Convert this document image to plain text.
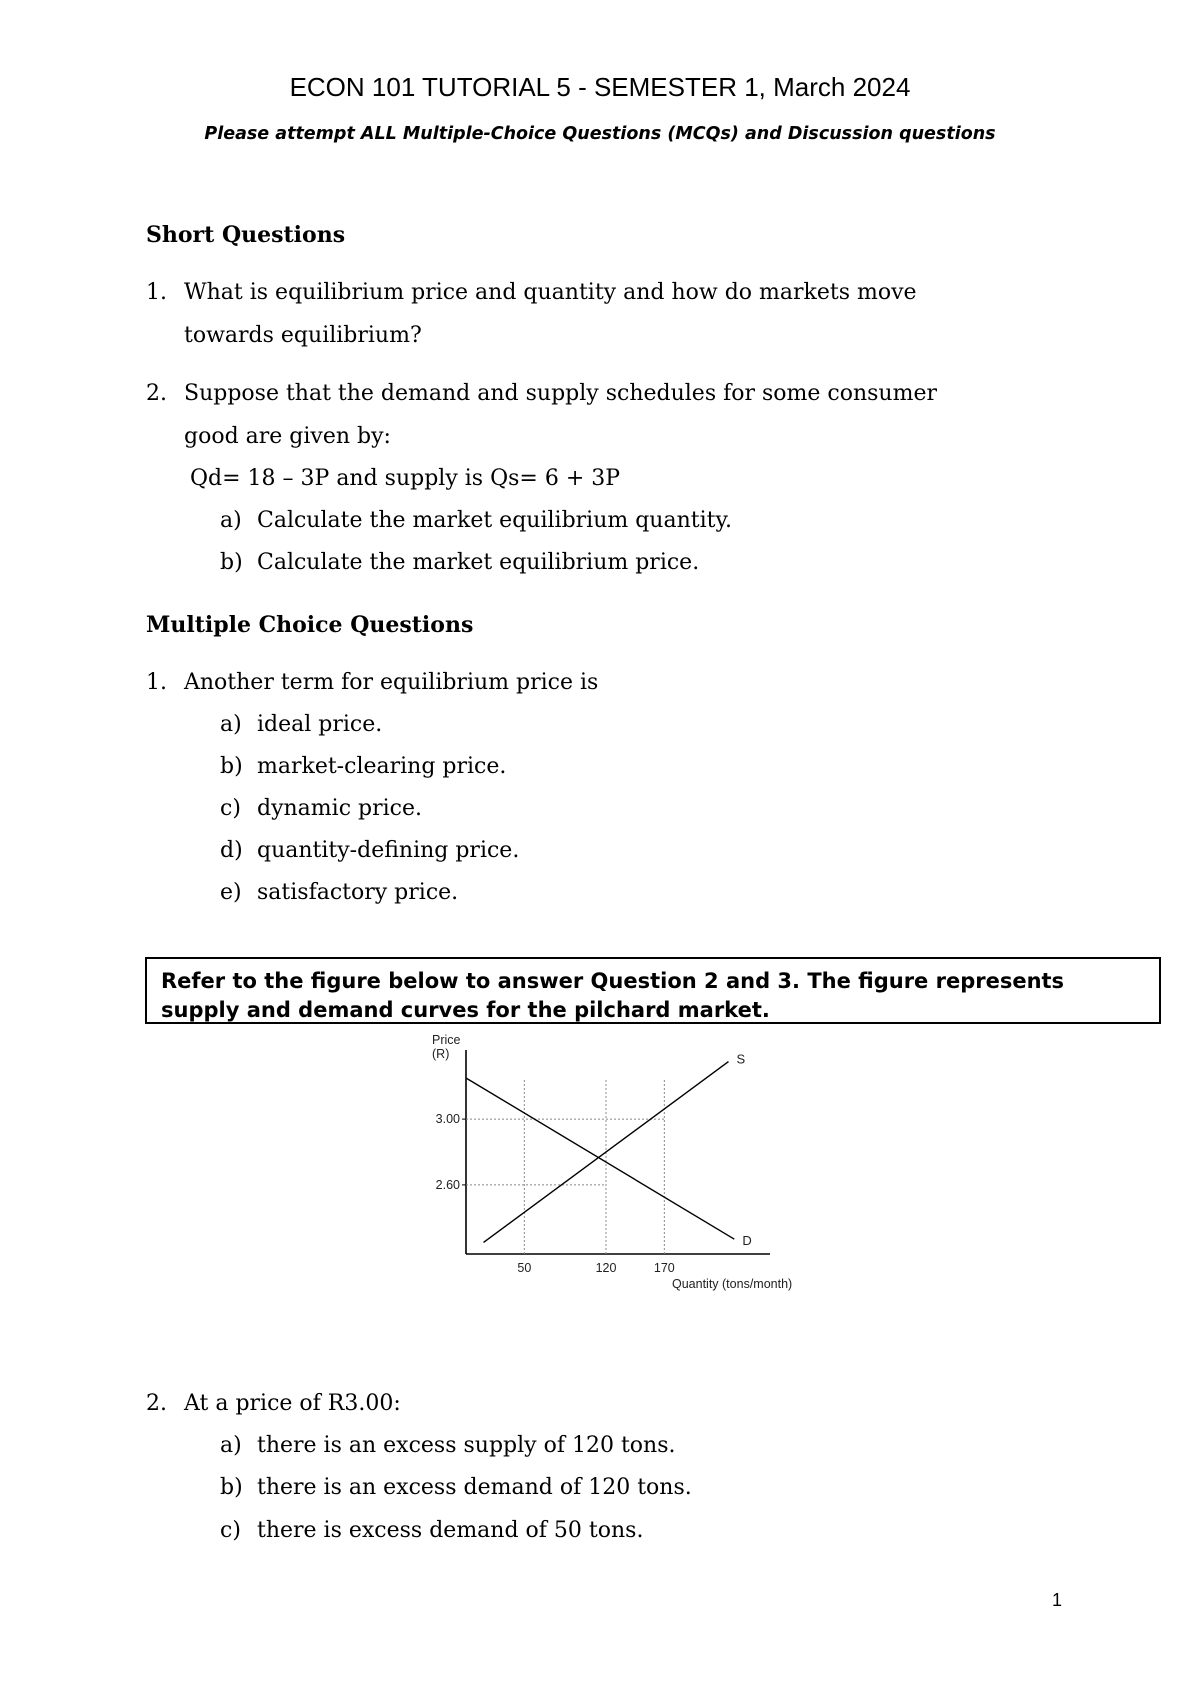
ECON 101 TUTORIAL 5 - SEMESTER 1, March 2024
Please attempt ALL Multiple-Choice Questions (MCQs) and Discussion questions
Short Questions
1. What is equilibrium price and quantity and how do markets move
towards equilibrium?
2. Suppose that the demand and supply schedules for some consumer
good are given by:
Qd= 18 – 3P and supply is Qs= 6 + 3P
a) Calculate the market equilibrium quantity.
b) Calculate the market equilibrium price.
Multiple Choice Questions
1. Another term for equilibrium price is
a) ideal price.
b) market-clearing price.
c) dynamic price.
d) quantity-defining price.
e) satisfactory price.
Refer to the figure below to answer Question 2 and 3. The figure represents
supply and demand curves for the pilchard market.
Price
(R)
50	120	170
3.00
2.60
S
D
Quantity (tons/month)
2. At a price of R3.00:
a) there is an excess supply of 120 tons.
b) there is an excess demand of 120 tons.
c) there is excess demand of 50 tons.
1
